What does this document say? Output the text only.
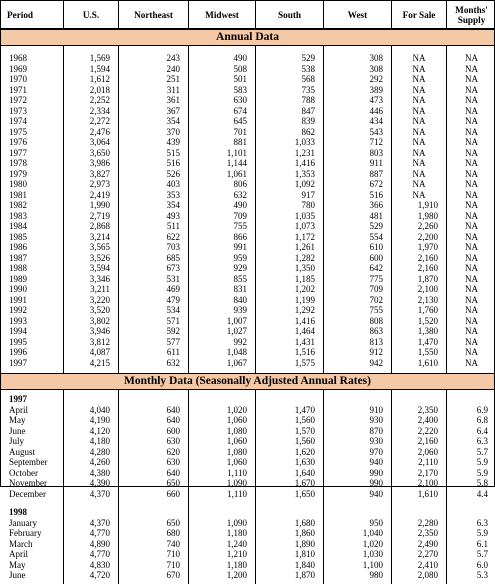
Period	U.S.	Northeast	Midwest	South	West	For Sale	Months'
Supply
Annual Data
1968	1,569	243	490	529	308	NA	NA
1969	1,594	240	508	538	308	NA	NA
1970	1,612	251	501	568	292	NA	NA
1971	2,018	311	583	735	389	NA	NA
1972	2,252	361	630	788	473	NA	NA
1973	2,334	367	674	847	446	NA	NA
1974	2,272	354	645	839	434	NA	NA
1975	2,476	370	701	862	543	NA	NA
1976	3,064	439	881	1,033	712	NA	NA
1977	3,650	515	1,101	1,231	803	NA	NA
1978	3,986	516	1,144	1,416	911	NA	NA
1979	3,827	526	1,061	1,353	887	NA	NA
1980	2,973	403	806	1,092	672	NA	NA
1981	2,419	353	632	917	516	NA	NA
1982	1,990	354	490	780	366	1,910	NA
1983	2,719	493	709	1,035	481	1,980	NA
1984	2,868	511	755	1,073	529	2,260	NA
1985	3,214	622	866	1,172	554	2,200	NA
1986	3,565	703	991	1,261	610	1,970	NA
1987	3,526	685	959	1,282	600	2,160	NA
1988	3,594	673	929	1,350	642	2,160	NA
1989	3,346	531	855	1,185	775	1,870	NA
1990	3,211	469	831	1,202	709	2,100	NA
1991	3,220	479	840	1,199	702	2,130	NA
1992	3,520	534	939	1,292	755	1,760	NA
1993	3,802	571	1,007	1,416	808	1,520	NA
1994	3,946	592	1,027	1,464	863	1,380	NA
1995	3,812	577	992	1,431	813	1,470	NA
1996	4,087	611	1,048	1,516	912	1,550	NA
1997	4,215	632	1,067	1,575	942	1,610	NA
Monthly Data (Seasonally Adjusted Annual Rates)
1997
April	4,040	640	1,020	1,470	910	2,350	6.9
May	4,190	640	1,060	1,560	930	2,400	6.8
June	4,120	600	1,080	1,570	870	2,220	6.4
July	4,180	630	1,060	1,560	930	2,160	6.3
August	4,280	620	1,080	1,620	970	2,060	5.7
September	4,260	630	1,060	1,630	940	2,110	5.9
October	4,380	640	1,110	1,640	990	2,170	5.9
November	4,390	650	1,090	1,670	990	2,100	5.8
December	4,370	660	1,110	1,650	940	1,610	4.4
1998
January	4,370	650	1,090	1,680	950	2,280	6.3
February	4,770	680	1,180	1,860	1,040	2,350	5.9
March	4,890	740	1,240	1,890	1,020	2,490	6.1
April	4,770	710	1,210	1,810	1,030	2,270	5.7
May	4,830	710	1,180	1,840	1,100	2,410	6.0
June	4,720	670	1,200	1,870	980	2,080	5.3
